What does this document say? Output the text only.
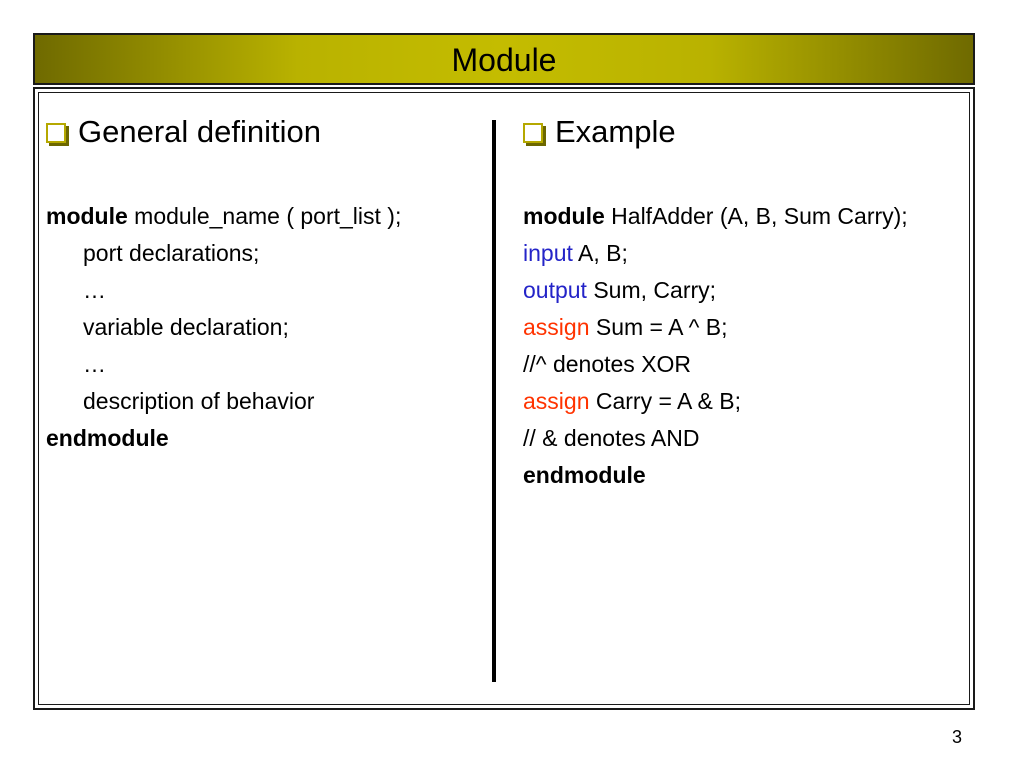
Module
General definition
module module_name ( port_list );
port declarations;
…
variable declaration;
…
description of behavior
endmodule
Example
module HalfAdder (A, B, Sum Carry);
input A, B;
output Sum, Carry;
assign Sum = A ^ B;
//^ denotes XOR
assign Carry = A & B;
// & denotes AND
endmodule
3
